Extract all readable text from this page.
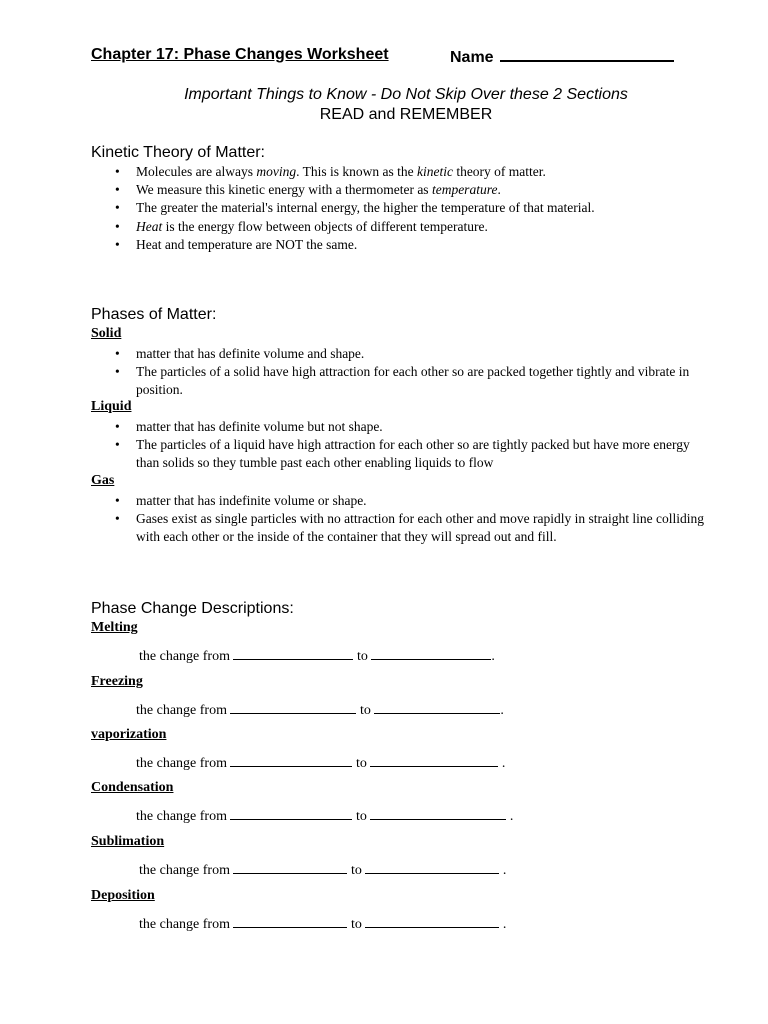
Chapter 17: Phase Changes Worksheet	Name
Important Things to Know - Do Not Skip Over these 2 Sections
READ and REMEMBER
Kinetic Theory of Matter:
• Molecules are always moving. This is known as the kinetic theory of matter.
• We measure this kinetic energy with a thermometer as temperature.
• The greater the material's internal energy, the higher the temperature of that material.
• Heat is the energy flow between objects of different temperature.
• Heat and temperature are NOT the same.
Phases of Matter:
Solid
• matter that has definite volume and shape.
• The particles of a solid have high attraction for each other so are packed together tightly and vibrate in position.
Liquid
• matter that has definite volume but not shape.
• The particles of a liquid have high attraction for each other so are tightly packed but have more energy than solids so they tumble past each other enabling liquids to flow
Gas
• matter that has indefinite volume or shape.
• Gases exist as single particles with no attraction for each other and move rapidly in straight line colliding with each other or the inside of the container that they will spread out and fill.
Phase Change Descriptions:
Melting
the change from	to	.
Freezing
the change from	to	.
vaporization
the change from	to	.
Condensation
the change from	to	.
Sublimation
the change from	to	.
Deposition
the change from	to	.
